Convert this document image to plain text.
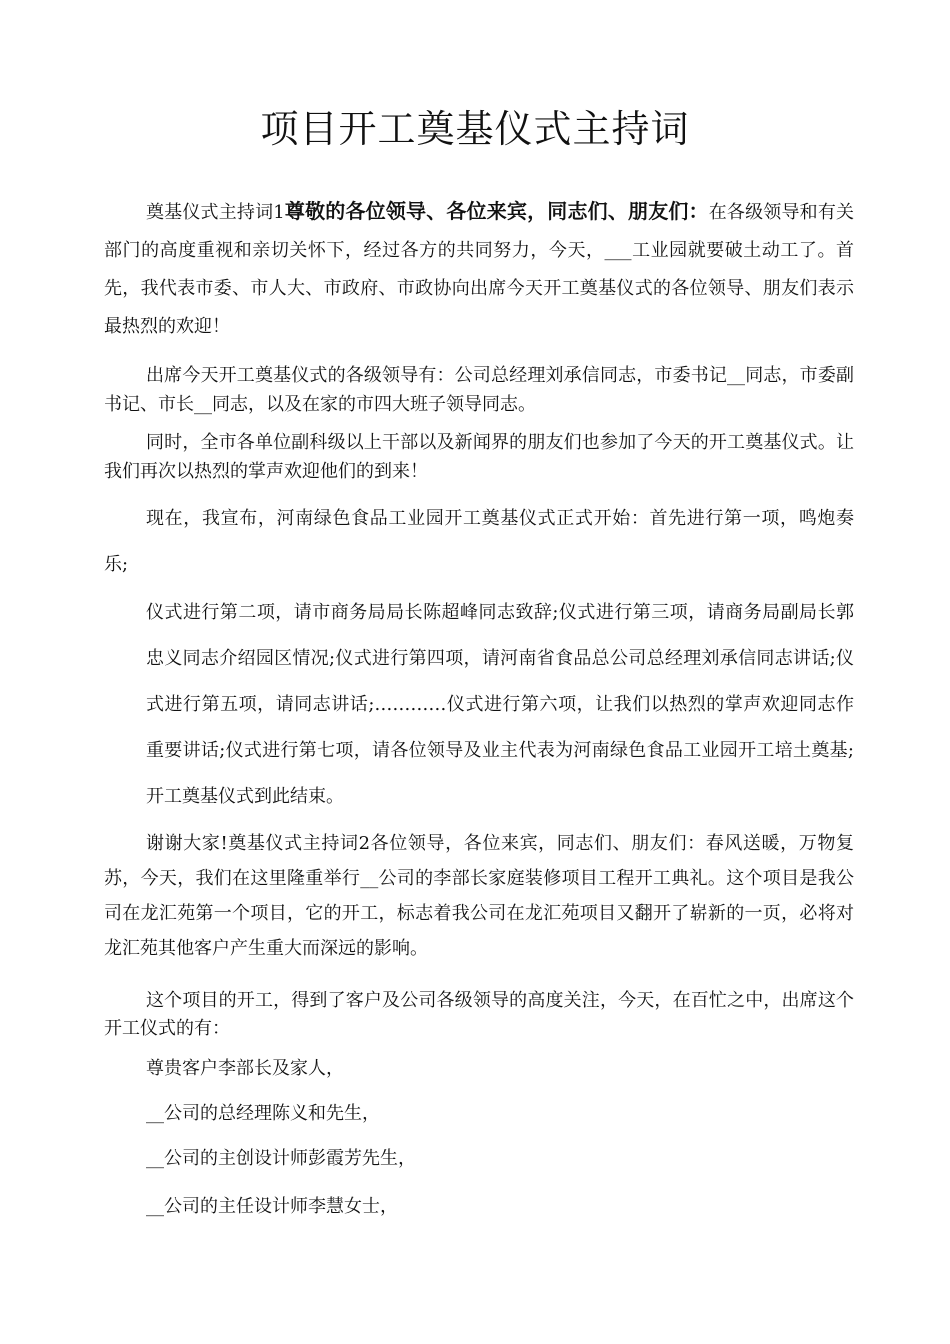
项目开工奠基仪式主持词

奠基仪式主持词1尊敬的各位领导、各位来宾，同志们、朋友们：在各级领导和有关部门的高度重视和亲切关怀下，经过各方的共同努力，今天，___工业园就要破土动工了。首先，我代表市委、市人大、市政府、市政协向出席今天开工奠基仪式的各位领导、朋友们表示最热烈的欢迎！

出席今天开工奠基仪式的各级领导有：公司总经理刘承信同志，市委书记__同志，市委副书记、市长__同志，以及在家的市四大班子领导同志。

同时，全市各单位副科级以上干部以及新闻界的朋友们也参加了今天的开工奠基仪式。让我们再次以热烈的掌声欢迎他们的到来！

现在，我宣布，河南绿色食品工业园开工奠基仪式正式开始：首先进行第一项，鸣炮奏乐;

仪式进行第二项，请市商务局局长陈超峰同志致辞;仪式进行第三项，请商务局副局长郭忠义同志介绍园区情况;仪式进行第四项，请河南省食品总公司总经理刘承信同志讲话;仪式进行第五项，请同志讲话;…………仪式进行第六项，让我们以热烈的掌声欢迎同志作重要讲话;仪式进行第七项，请各位领导及业主代表为河南绿色食品工业园开工培土奠基;开工奠基仪式到此结束。

谢谢大家!奠基仪式主持词2各位领导，各位来宾，同志们、朋友们：春风送暖，万物复苏，今天，我们在这里隆重举行__公司的李部长家庭装修项目工程开工典礼。这个项目是我公司在龙汇苑第一个项目，它的开工，标志着我公司在龙汇苑项目又翻开了崭新的一页，必将对龙汇苑其他客户产生重大而深远的影响。

这个项目的开工，得到了客户及公司各级领导的高度关注，今天，在百忙之中，出席这个开工仪式的有：

尊贵客户李部长及家人，

__公司的总经理陈义和先生，

__公司的主创设计师彭霞芳先生，

__公司的主任设计师李慧女士，
